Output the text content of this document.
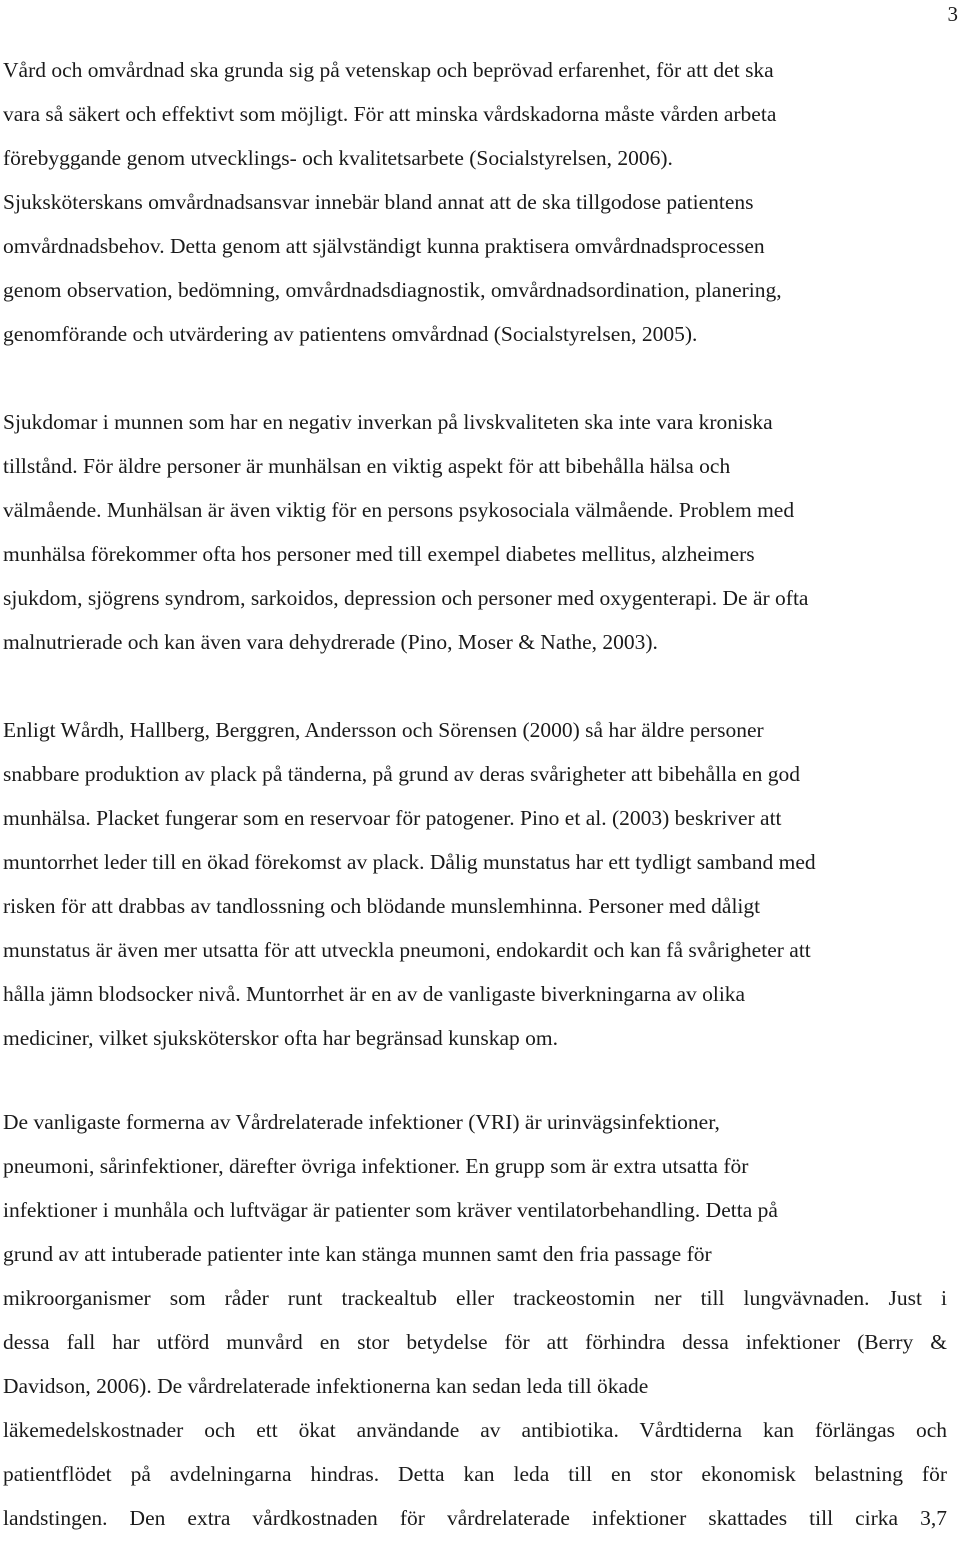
3
Vård och omvårdnad ska grunda sig på vetenskap och beprövad erfarenhet, för att det ska
vara så säkert och effektivt som möjligt. För att minska vårdskadorna måste vården arbeta
förebyggande genom utvecklings- och kvalitetsarbete (Socialstyrelsen, 2006).
Sjuksköterskans omvårdnadsansvar innebär bland annat att de ska tillgodose patientens
omvårdnadsbehov. Detta genom att självständigt kunna praktisera omvårdnadsprocessen
genom observation, bedömning, omvårdnadsdiagnostik, omvårdnadsordination, planering,
genomförande och utvärdering av patientens omvårdnad (Socialstyrelsen, 2005).
Sjukdomar i munnen som har en negativ inverkan på livskvaliteten ska inte vara kroniska
tillstånd. För äldre personer är munhälsan en viktig aspekt för att bibehålla hälsa och
välmående. Munhälsan är även viktig för en persons psykosociala välmående. Problem med
munhälsa förekommer ofta hos personer med till exempel diabetes mellitus, alzheimers
sjukdom, sjögrens syndrom, sarkoidos, depression och personer med oxygenterapi. De är ofta
malnutrierade och kan även vara dehydrerade (Pino, Moser & Nathe, 2003).
Enligt Wårdh, Hallberg, Berggren, Andersson och Sörensen (2000) så har äldre personer
snabbare produktion av plack på tänderna, på grund av deras svårigheter att bibehålla en god
munhälsa. Placket fungerar som en reservoar för patogener. Pino et al. (2003) beskriver att
muntorrhet leder till en ökad förekomst av plack. Dålig munstatus har ett tydligt samband med
risken för att drabbas av tandlossning och blödande munslemhinna. Personer med dåligt
munstatus är även mer utsatta för att utveckla pneumoni, endokardit och kan få svårigheter att
hålla jämn blodsocker nivå. Muntorrhet är en av de vanligaste biverkningarna av olika
mediciner, vilket sjuksköterskor ofta har begränsad kunskap om.
De vanligaste formerna av Vårdrelaterade infektioner (VRI) är urinvägsinfektioner,
pneumoni, sårinfektioner, därefter övriga infektioner. En grupp som är extra utsatta för
infektioner i munhåla och luftvägar är patienter som kräver ventilatorbehandling. Detta på
grund av att intuberade patienter inte kan stänga munnen samt den fria passage för
mikroorganismer som råder runt trackealtub eller trackeostomin ner till lungvävnaden. Just i
dessa fall har utförd munvård en stor betydelse för att förhindra dessa infektioner (Berry &
Davidson, 2006). De vårdrelaterade infektionerna kan sedan leda till ökade
läkemedelskostnader och ett ökat användande av antibiotika. Vårdtiderna kan förlängas och
patientflödet på avdelningarna hindras. Detta kan leda till en stor ekonomisk belastning för
landstingen. Den extra vårdkostnaden för vårdrelaterade infektioner skattades till cirka 3,7
